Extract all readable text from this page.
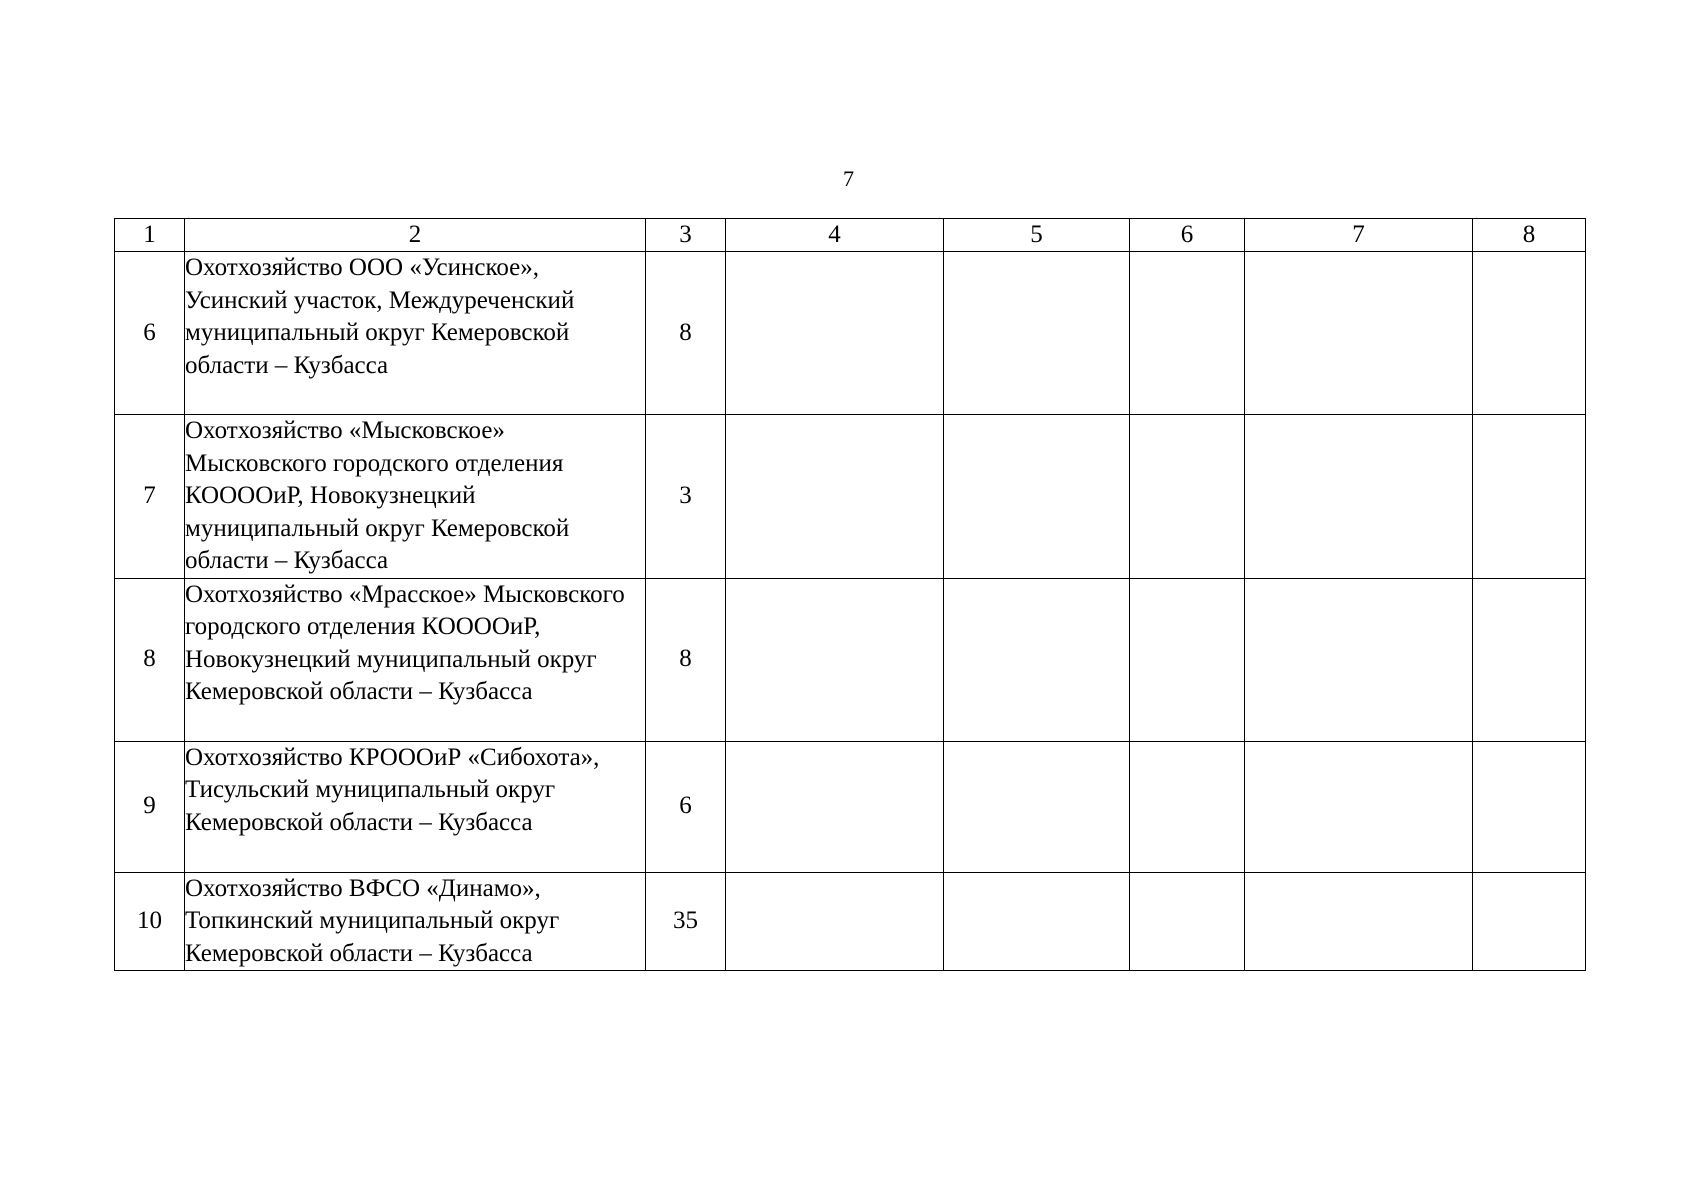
7
1	2	3	4	5	6	7	8
6	Охотхозяйство ООО «Усинское», Усинский участок, Междуреченский муниципальный округ Кемеровской области – Кузбасса	8					
7	Охотхозяйство «Мысковское» Мысковского городского отделения КООООиР, Новокузнецкий муниципальный округ Кемеровской области – Кузбасса	3					
8	Охотхозяйство «Мрасское» Мысковского городского отделения КООООиР, Новокузнецкий муниципальный округ Кемеровской области – Кузбасса	8					
9	Охотхозяйство КРОООиР «Сибохота», Тисульский муниципальный округ Кемеровской области – Кузбасса	6					
10	Охотхозяйство ВФСО «Динамо», Топкинский муниципальный округ Кемеровской области – Кузбасса	35					
